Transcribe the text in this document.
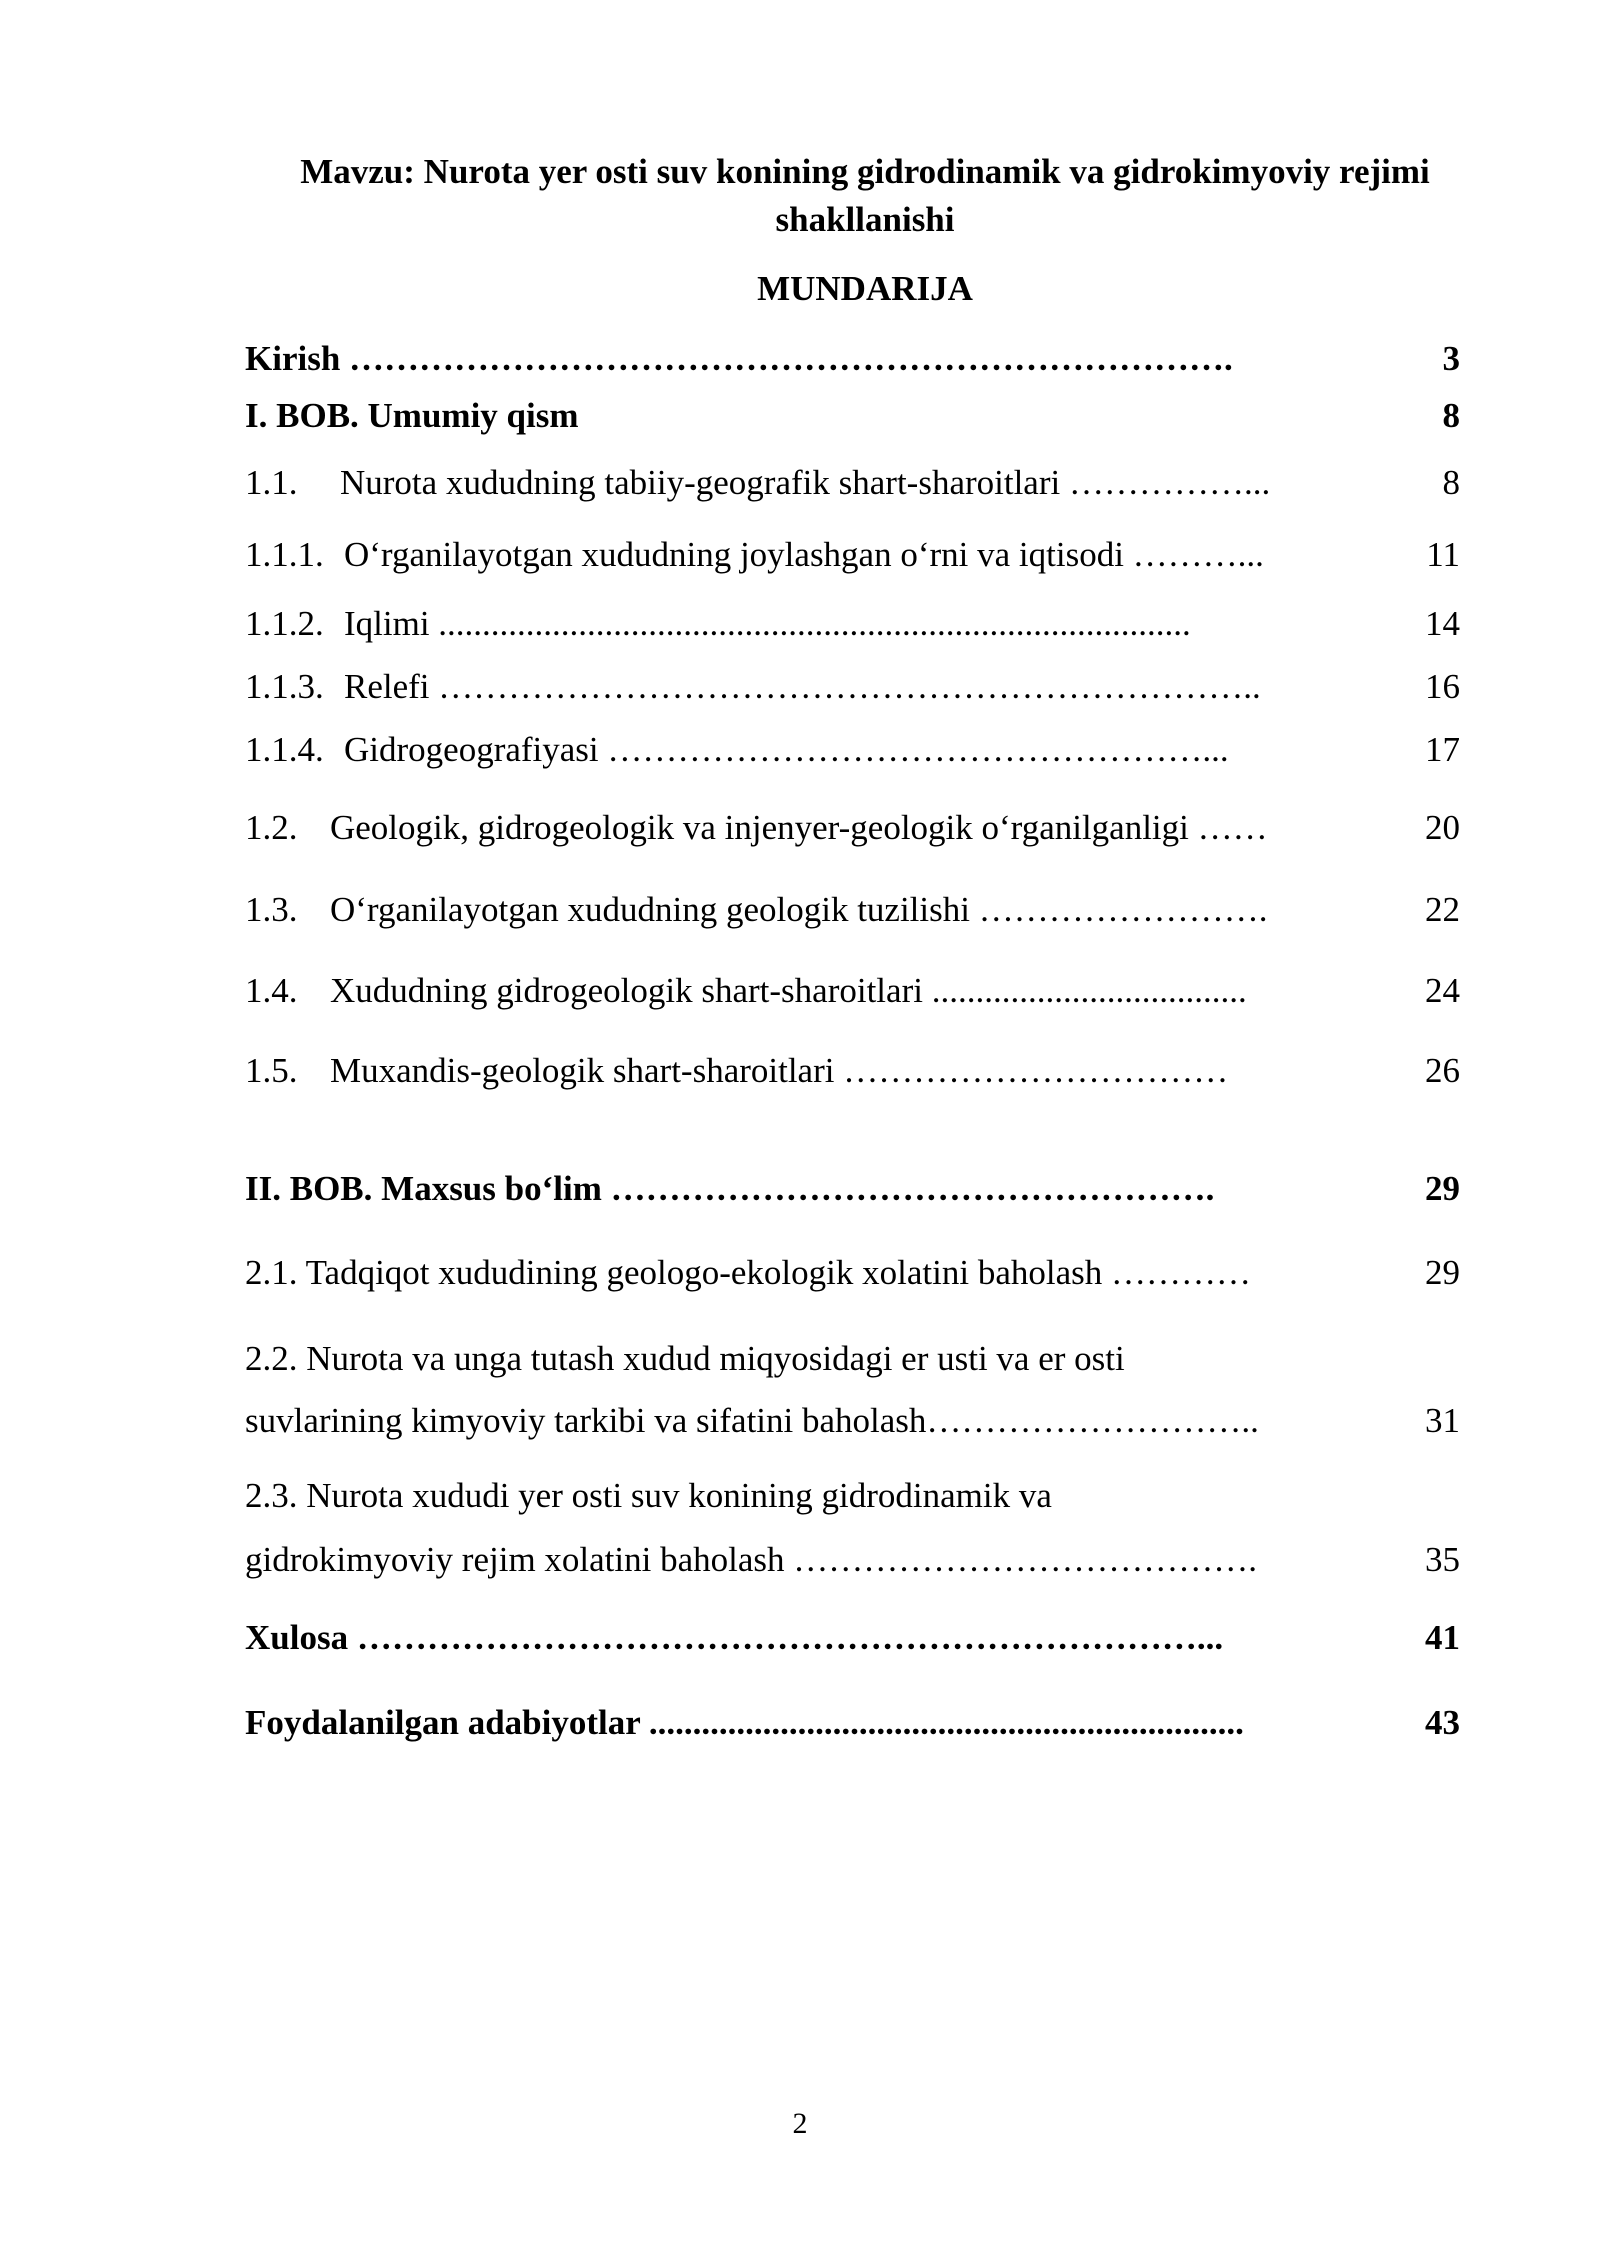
Mavzu: Nurota yer osti suv konining gidrodinamik va gidrokimyoviy rejimi shakllanishi
MUNDARIJA
Kirish ………………………………………………………………….	3
I. BOB. Umumiy qism	8
1.1. Nurota xududning tabiiy-geografik shart-sharoitlari ……………...	8
1.1.1. O‘rganilayotgan xududning joylashgan o‘rni va iqtisodi ………...	11
1.1.2. Iqlimi ......................................................................................	14
1.1.3. Relefi ……………………………………………………………..	16
1.1.4. Gidrogeografiyasi ……………………………………………...	17
1.2. Geologik, gidrogeologik va injenyer-geologik o‘rganilganligi ……	20
1.3. O‘rganilayotgan xududning geologik tuzilishi …………………….	22
1.4. Xududning gidrogeologik shart-sharoitlari ....................................	24
1.5. Muxandis-geologik shart-sharoitlari ……………………………	26
II. BOB. Maxsus bo‘lim …………………………………………….	29
2.1. Tadqiqot xududining geologo-ekologik xolatini baholash …………	29
2.2. Nurota va unga tutash xudud miqyosidagi er usti va er osti
suvlarining kimyoviy tarkibi va sifatini baholash………………………..	31
2.3. Nurota xududi yer osti suv konining gidrodinamik va
gidrokimyoviy rejim xolatini baholash ………………………………….	35
Xulosa ………………………………………………………………...	41
Foydalanilgan adabiyotlar ....................................................................	43
2
